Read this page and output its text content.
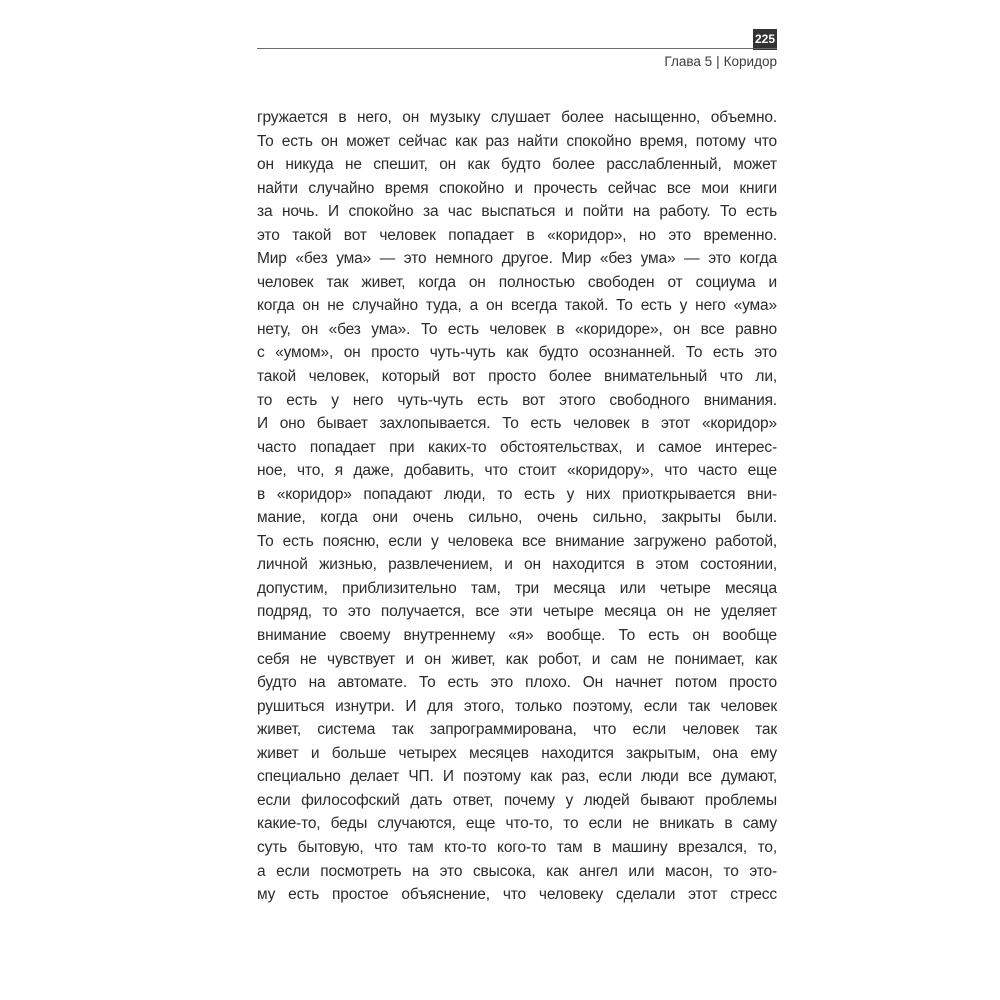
225
Глава 5 | Коридор
гружается в него, он музыку слушает более насыщенно, объемно.
То есть он может сейчас как раз найти спокойно время, потому что
он никуда не спешит, он как будто более расслабленный, может
найти случайно время спокойно и прочесть сейчас все мои книги
за ночь. И спокойно за час выспаться и пойти на работу. То есть
это такой вот человек попадает в «коридор», но это временно.
Мир «без ума» — это немного другое. Мир «без ума» — это когда
человек так живет, когда он полностью свободен от социума и
когда он не случайно туда, а он всегда такой. То есть у него «ума»
нету, он «без ума». То есть человек в «коридоре», он все равно
с «умом», он просто чуть-чуть как будто осознанней. То есть это
такой человек, который вот просто более внимательный что ли,
то есть у него чуть-чуть есть вот этого свободного внимания.
И оно бывает захлопывается. То есть человек в этот «коридор»
часто попадает при каких-то обстоятельствах, и самое интерес-
ное, что, я даже, добавить, что стоит «коридору», что часто еще
в «коридор» попадают люди, то есть у них приоткрывается вни-
мание, когда они очень сильно, очень сильно, закрыты были.
То есть поясню, если у человека все внимание загружено работой,
личной жизнью, развлечением, и он находится в этом состоянии,
допустим, приблизительно там, три месяца или четыре месяца
подряд, то это получается, все эти четыре месяца он не уделяет
внимание своему внутреннему «я» вообще. То есть он вообще
себя не чувствует и он живет, как робот, и сам не понимает, как
будто на автомате. То есть это плохо. Он начнет потом просто
рушиться изнутри. И для этого, только поэтому, если так человек
живет, система так запрограммирована, что если человек так
живет и больше четырех месяцев находится закрытым, она ему
специально делает ЧП. И поэтому как раз, если люди все думают,
если философский дать ответ, почему у людей бывают проблемы
какие-то, беды случаются, еще что-то, то если не вникать в саму
суть бытовую, что там кто-то кого-то там в машину врезался, то,
а если посмотреть на это свысока, как ангел или масон, то это-
му есть простое объяснение, что человеку сделали этот стресс
